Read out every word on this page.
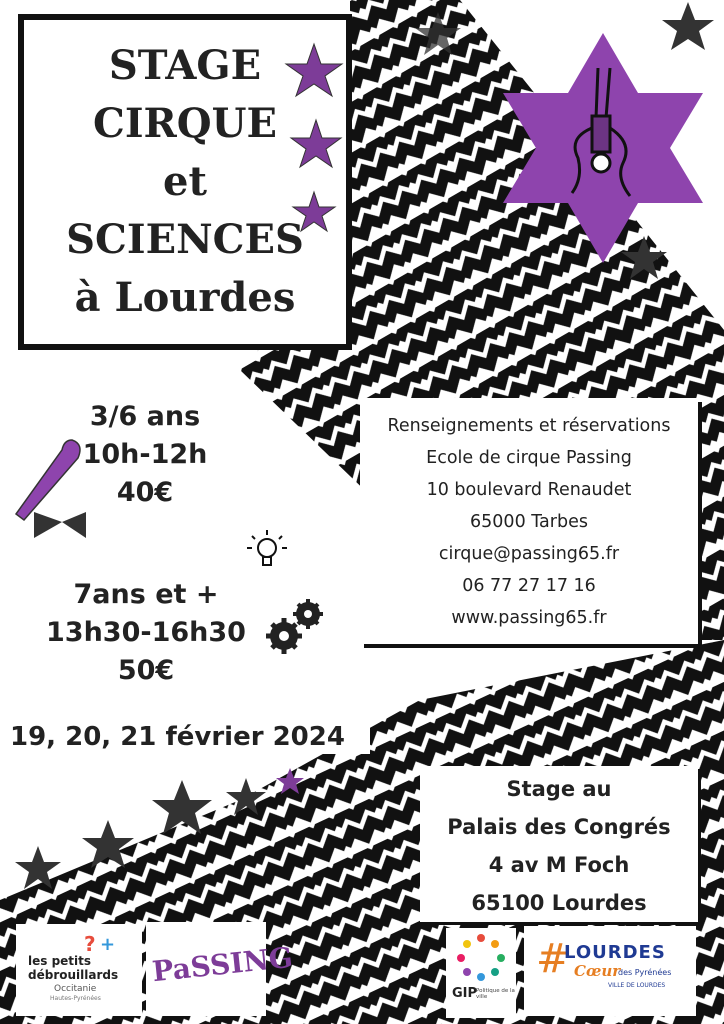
STAGE
CIRQUE
et
SCIENCES
à Lourdes
3/6 ans
10h-12h
40€
7ans et +
13h30-16h30
50€
19, 20, 21 février 2024
Renseignements et réservations
Ecole de cirque Passing
10 boulevard Renaudet
65000 Tarbes
cirque@passing65.fr
06 77 27 17 16
www.passing65.fr
Stage au
Palais des Congrés
4 av M Foch
65100 Lourdes
? +
les petits
débrouillards
Occitanie
Hautes-Pyrénées
PaSSING
GIP
Politique de la ville
#
LOURDES
Cœur
des Pyrénées
VILLE DE LOURDES
